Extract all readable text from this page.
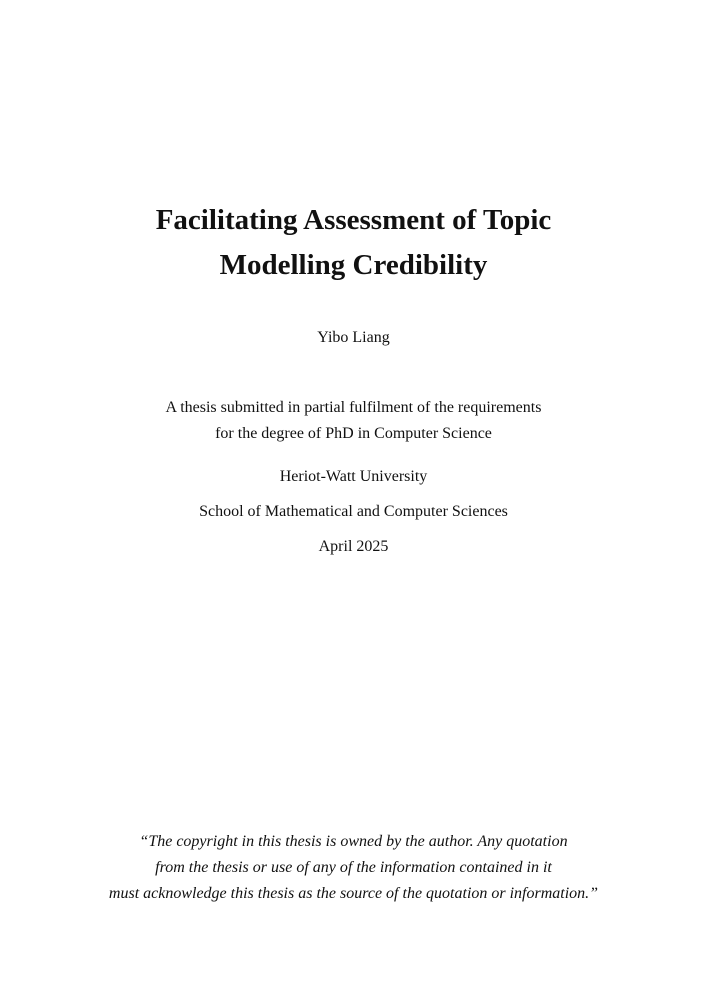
Facilitating Assessment of Topic
Modelling Credibility
Yibo Liang
A thesis submitted in partial fulfilment of the requirements
for the degree of PhD in Computer Science
Heriot-Watt University
School of Mathematical and Computer Sciences
April 2025
“The copyright in this thesis is owned by the author. Any quotation
from the thesis or use of any of the information contained in it
must acknowledge this thesis as the source of the quotation or information.”
